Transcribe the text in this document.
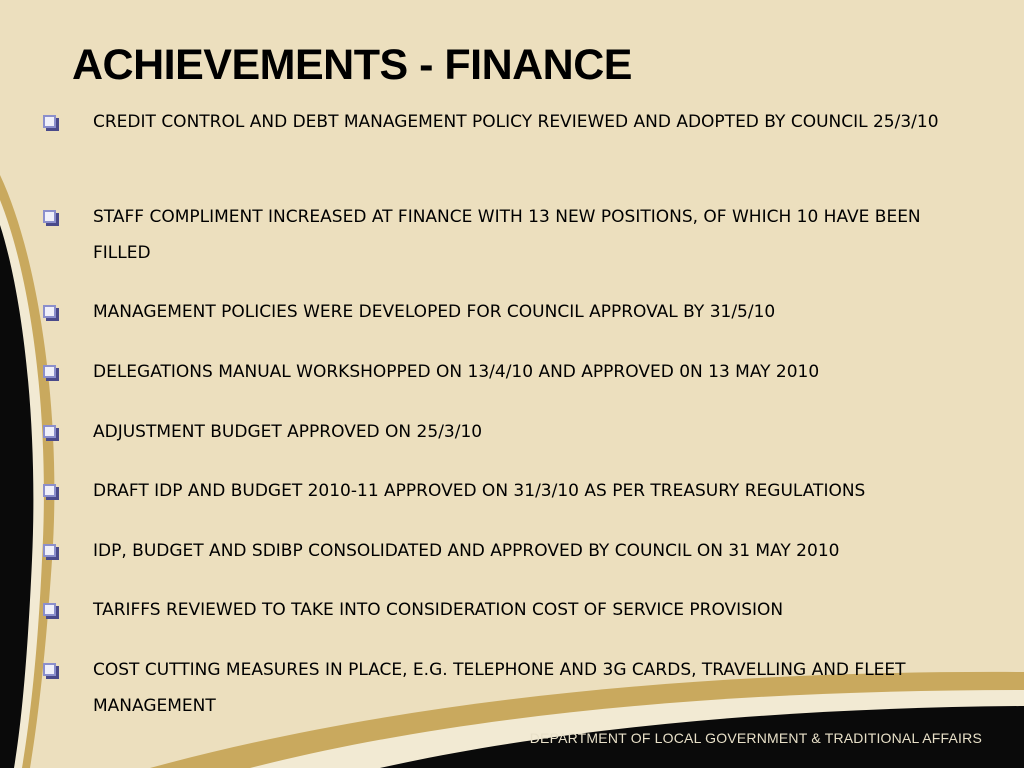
ACHIEVEMENTS - FINANCE
CREDIT CONTROL AND DEBT MANAGEMENT POLICY REVIEWED AND ADOPTED BY COUNCIL 25/3/10
STAFF COMPLIMENT INCREASED AT FINANCE WITH 13 NEW POSITIONS, OF WHICH 10 HAVE BEEN FILLED
MANAGEMENT POLICIES WERE DEVELOPED FOR COUNCIL APPROVAL BY 31/5/10
DELEGATIONS MANUAL WORKSHOPPED ON 13/4/10 AND APPROVED 0N 13 MAY 2010
ADJUSTMENT BUDGET APPROVED ON 25/3/10
DRAFT IDP AND BUDGET 2010-11 APPROVED ON 31/3/10 AS PER TREASURY REGULATIONS
IDP, BUDGET AND SDIBP CONSOLIDATED AND APPROVED BY COUNCIL ON 31 MAY 2010
TARIFFS REVIEWED TO TAKE INTO CONSIDERATION COST OF SERVICE PROVISION
COST CUTTING MEASURES IN PLACE, E.G. TELEPHONE AND 3G CARDS, TRAVELLING AND FLEET MANAGEMENT
DEPARTMENT OF LOCAL GOVERNMENT & TRADITIONAL AFFAIRS
